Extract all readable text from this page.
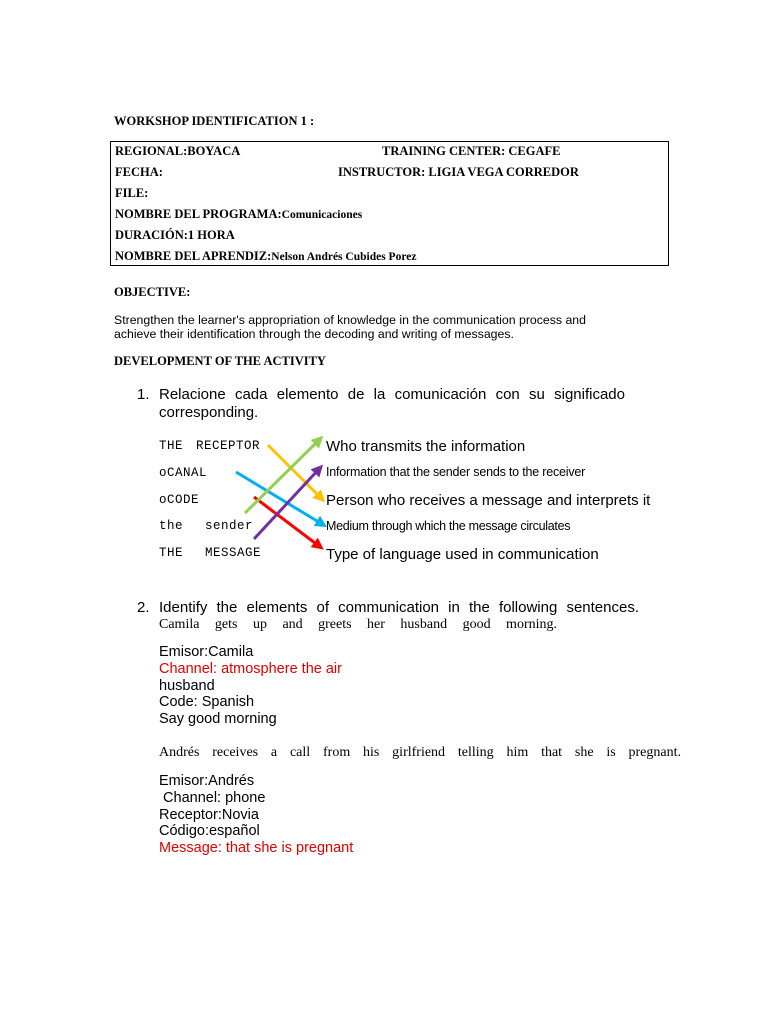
WORKSHOP IDENTIFICATION 1 :
REGIONAL:BOYACA	TRAINING CENTER: CEGAFE
FECHA:	INSTRUCTOR: LIGIA VEGA CORREDOR
FILE:
NOMBRE DEL PROGRAMA:Comunicaciones
DURACIÓN:1 HORA
NOMBRE DEL APRENDIZ:Nelson Andrés Cubides Porez
OBJECTIVE:
Strengthen the learner's appropriation of knowledge in the communication process and achieve their identification through the decoding and writing of messages.
DEVELOPMENT OF THE ACTIVITY
1. Relacione cada elemento de la comunicación con su significado
corresponding.
THE RECEPTOR
oCANAL
oCODE
the sender
THE MESSAGE
Who transmits the information
Information that the sender sends to the receiver
Person who receives a message and interprets it
Medium through which the message circulates
Type of language used in communication
2. Identify the elements of communication in the following sentences.
Camila gets up and greets her husband good morning.
Emisor:Camila
Channel: atmosphere the air
husband
Code: Spanish
Say good morning
Andrés receives a call from his girlfriend telling him that she is pregnant.
Emisor:Andrés
Channel: phone
Receptor:Novia
Código:español
Message: that she is pregnant
